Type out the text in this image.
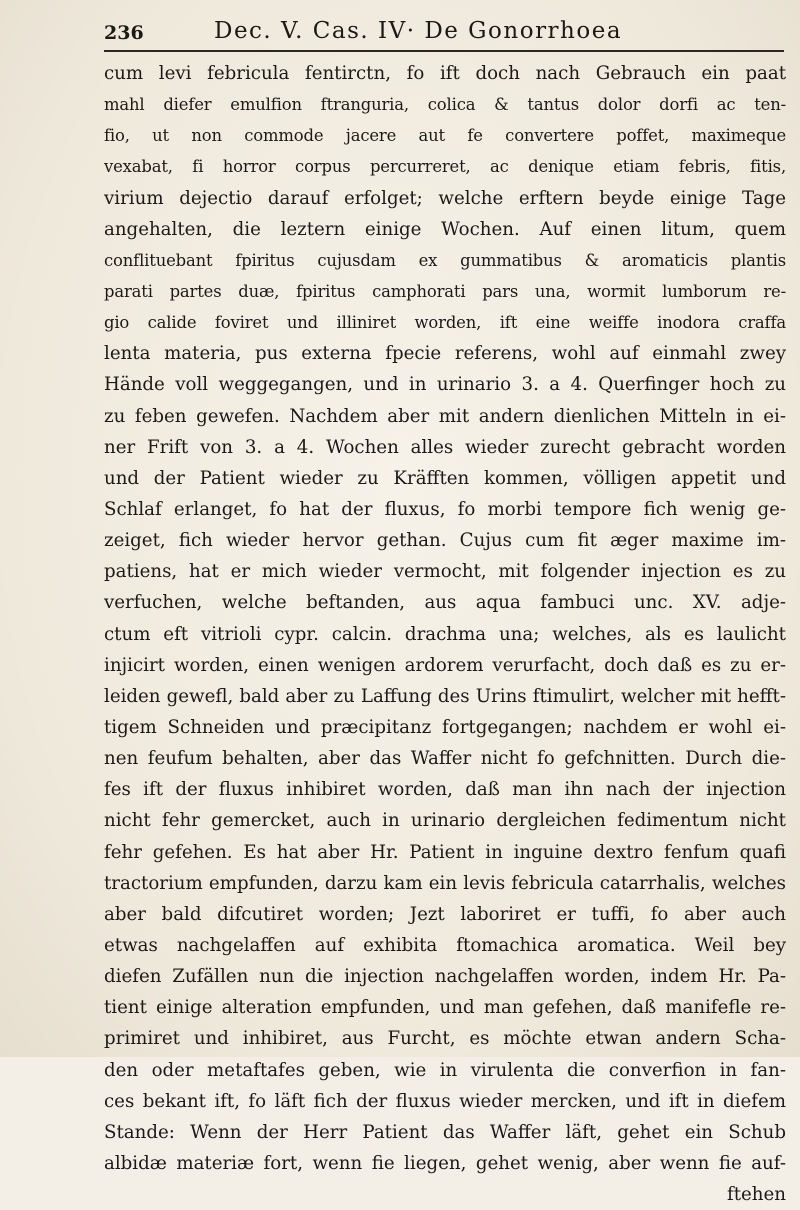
236	Dec. V. Cas. IV· De Gonorrhoea
cum levi febricula fentirctn, fo ift doch nach Gebrauch ein paat
mahl diefer emulfion ftranguria, colica & tantus dolor dorfi ac ten-
fio, ut non commode jacere aut fe convertere poffet, maximeque
vexabat, fi horror corpus percurreret, ac denique etiam febris, fitis,
virium dejectio darauf erfolget; welche erftern beyde einige Tage
angehalten, die leztern einige Wochen. Auf einen litum, quem
conflituebant fpiritus cujusdam ex gummatibus & aromaticis plantis
parati partes duæ, fpiritus camphorati pars una, wormit lumborum re-
gio calide foviret und illiniret worden, ift eine weiffe inodora craffa
lenta materia, pus externa fpecie referens, wohl auf einmahl zwey
Hände voll weggegangen, und in urinario 3. a 4. Querfinger hoch zu
zu feben gewefen. Nachdem aber mit andern dienlichen Mitteln in ei-
ner Frift von 3. a 4. Wochen alles wieder zurecht gebracht worden
und der Patient wieder zu Kräfften kommen, völligen appetit und
Schlaf erlanget, fo hat der fluxus, fo morbi tempore fich wenig ge-
zeiget, fich wieder hervor gethan. Cujus cum fit æger maxime im-
patiens, hat er mich wieder vermocht, mit folgender injection es zu
verfuchen, welche beftanden, aus aqua fambuci unc. XV. adje-
ctum eft vitrioli cypr. calcin. drachma una; welches, als es laulicht
injicirt worden, einen wenigen ardorem verurfacht, doch daß es zu er-
leiden gewefl, bald aber zu Laffung des Urins ftimulirt, welcher mit hefft-
tigem Schneiden und præcipitanz fortgegangen; nachdem er wohl ei-
nen feufum behalten, aber das Waffer nicht fo gefchnitten. Durch die-
fes ift der fluxus inhibiret worden, daß man ihn nach der injection
nicht fehr gemercket, auch in urinario dergleichen fedimentum nicht
fehr gefehen. Es hat aber Hr. Patient in inguine dextro fenfum quafi
tractorium empfunden, darzu kam ein levis febricula catarrhalis, welches
aber bald difcutiret worden; Jezt laboriret er tuffi, fo aber auch
etwas nachgelaffen auf exhibita ftomachica aromatica. Weil bey
diefen Zufällen nun die injection nachgelaffen worden, indem Hr. Pa-
tient einige alteration empfunden, und man gefehen, daß manifefle re-
primiret und inhibiret, aus Furcht, es möchte etwan andern Scha-
den oder metaftafes geben, wie in virulenta die converfion in fan-
ces bekant ift, fo läft fich der fluxus wieder mercken, und ift in diefem
Stande: Wenn der Herr Patient das Waffer läft, gehet ein Schub
albidæ materiæ fort, wenn fie liegen, gehet wenig, aber wenn fie auf-
ftehen
